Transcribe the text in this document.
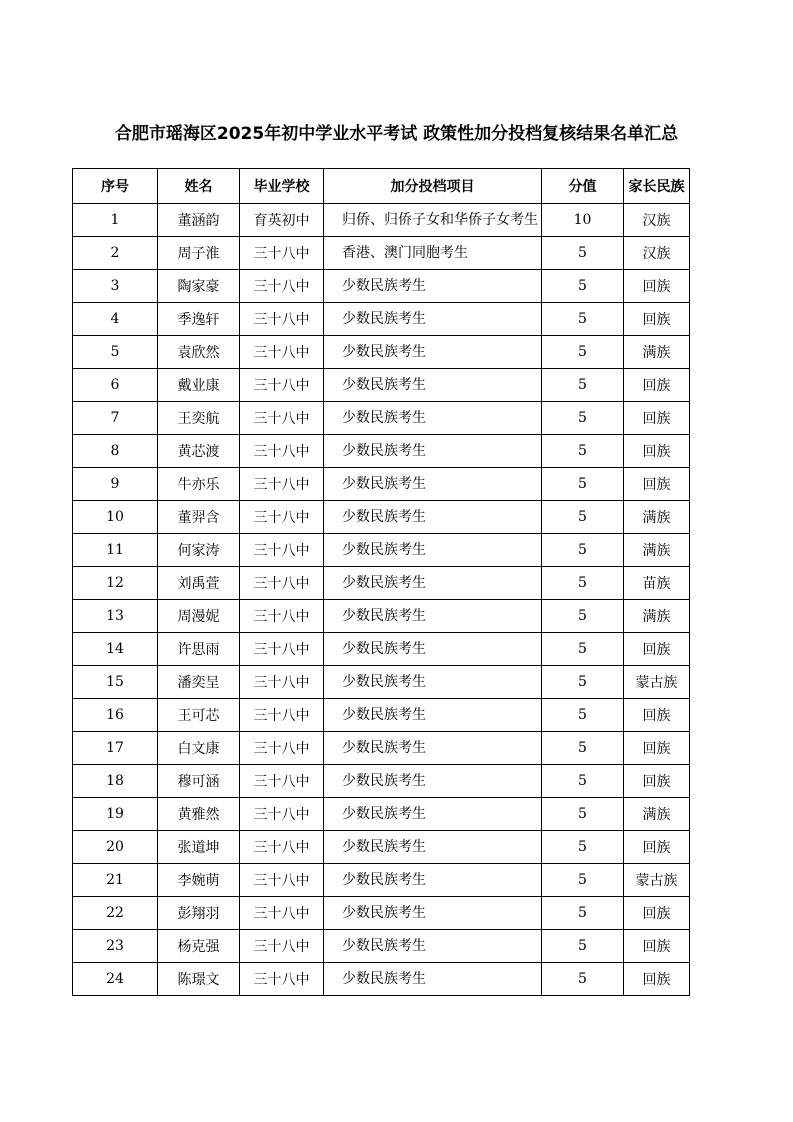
合肥市瑶海区2025年初中学业水平考试 政策性加分投档复核结果名单汇总
序号	姓名	毕业学校	加分投档项目	分值	家长民族
1	董涵韵	育英初中	归侨、归侨子女和华侨子女考生	10	汉族
2	周子淮	三十八中	香港、澳门同胞考生	5	汉族
3	陶家豪	三十八中	少数民族考生	5	回族
4	季逸轩	三十八中	少数民族考生	5	回族
5	袁欣然	三十八中	少数民族考生	5	满族
6	戴业康	三十八中	少数民族考生	5	回族
7	王奕航	三十八中	少数民族考生	5	回族
8	黄芯渡	三十八中	少数民族考生	5	回族
9	牛亦乐	三十八中	少数民族考生	5	回族
10	董羿含	三十八中	少数民族考生	5	满族
11	何家涛	三十八中	少数民族考生	5	满族
12	刘禹萱	三十八中	少数民族考生	5	苗族
13	周漫妮	三十八中	少数民族考生	5	满族
14	许思雨	三十八中	少数民族考生	5	回族
15	潘奕呈	三十八中	少数民族考生	5	蒙古族
16	王可芯	三十八中	少数民族考生	5	回族
17	白文康	三十八中	少数民族考生	5	回族
18	穆可涵	三十八中	少数民族考生	5	回族
19	黄雅然	三十八中	少数民族考生	5	满族
20	张道坤	三十八中	少数民族考生	5	回族
21	李婉萌	三十八中	少数民族考生	5	蒙古族
22	彭翔羽	三十八中	少数民族考生	5	回族
23	杨克强	三十八中	少数民族考生	5	回族
24	陈璟文	三十八中	少数民族考生	5	回族
